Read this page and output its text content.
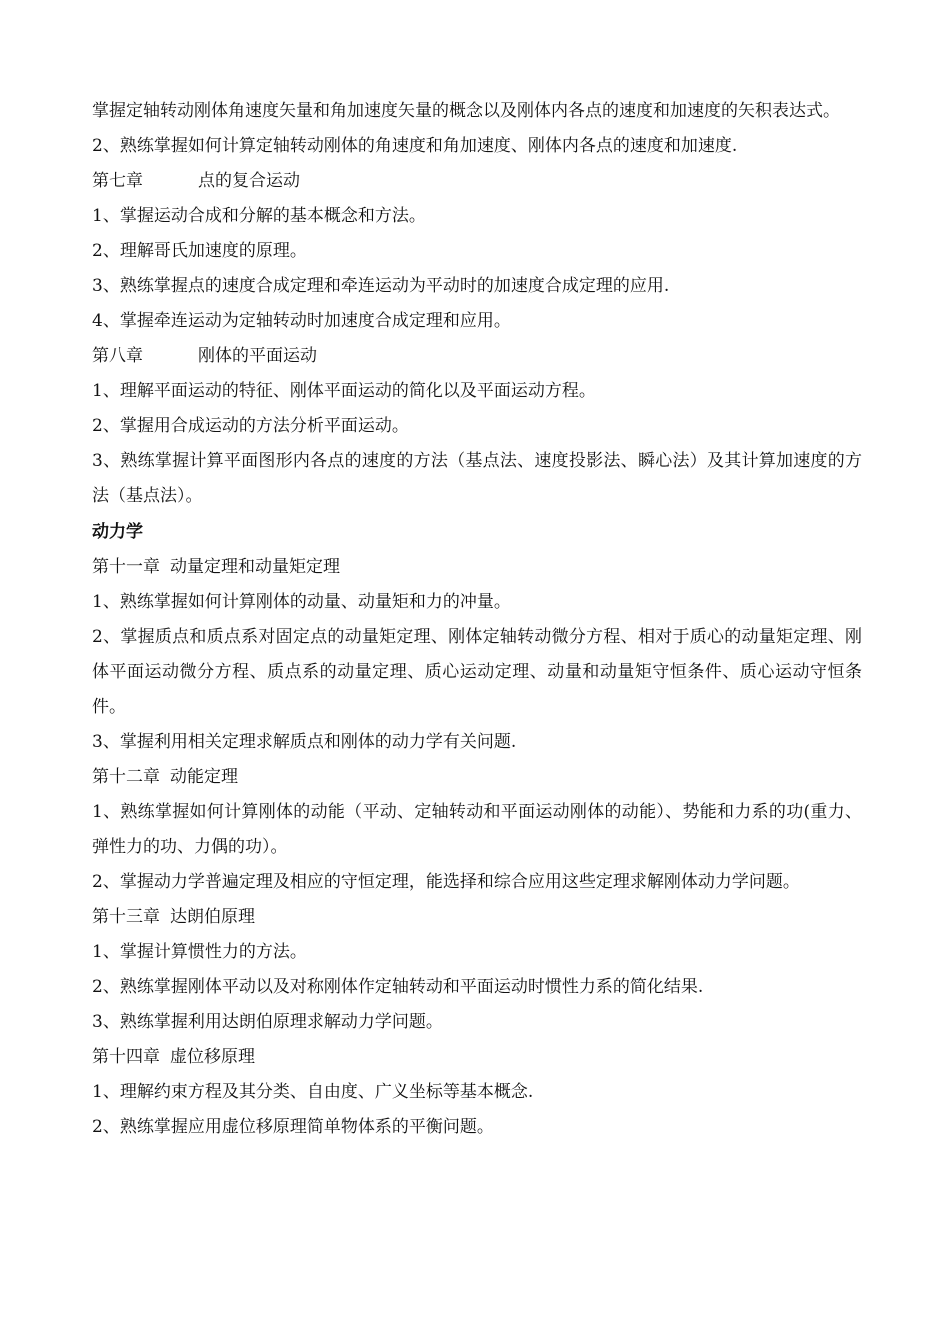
掌握定轴转动刚体角速度矢量和角加速度矢量的概念以及刚体内各点的速度和加速度的矢积表达式。
2、熟练掌握如何计算定轴转动刚体的角速度和角加速度、刚体内各点的速度和加速度.
第七章	点的复合运动
1、掌握运动合成和分解的基本概念和方法。
2、理解哥氏加速度的原理。
3、熟练掌握点的速度合成定理和牵连运动为平动时的加速度合成定理的应用.
4、掌握牵连运动为定轴转动时加速度合成定理和应用。
第八章	刚体的平面运动
1、理解平面运动的特征、刚体平面运动的简化以及平面运动方程。
2、掌握用合成运动的方法分析平面运动。
3、熟练掌握计算平面图形内各点的速度的方法（基点法、速度投影法、瞬心法）及其计算加速度的方法（基点法）。
动力学
第十一章 动量定理和动量矩定理
1、熟练掌握如何计算刚体的动量、动量矩和力的冲量。
2、掌握质点和质点系对固定点的动量矩定理、刚体定轴转动微分方程、相对于质心的动量矩定理、刚体平面运动微分方程、质点系的动量定理、质心运动定理、动量和动量矩守恒条件、质心运动守恒条件。
3、掌握利用相关定理求解质点和刚体的动力学有关问题.
第十二章 动能定理
1、熟练掌握如何计算刚体的动能（平动、定轴转动和平面运动刚体的动能）、势能和力系的功(重力、弹性力的功、力偶的功）。
2、掌握动力学普遍定理及相应的守恒定理，能选择和综合应用这些定理求解刚体动力学问题。
第十三章 达朗伯原理
1、掌握计算惯性力的方法。
2、熟练掌握刚体平动以及对称刚体作定轴转动和平面运动时惯性力系的简化结果.
3、熟练掌握利用达朗伯原理求解动力学问题。
第十四章 虚位移原理
1、理解约束方程及其分类、自由度、广义坐标等基本概念.
2、熟练掌握应用虚位移原理简单物体系的平衡问题。
